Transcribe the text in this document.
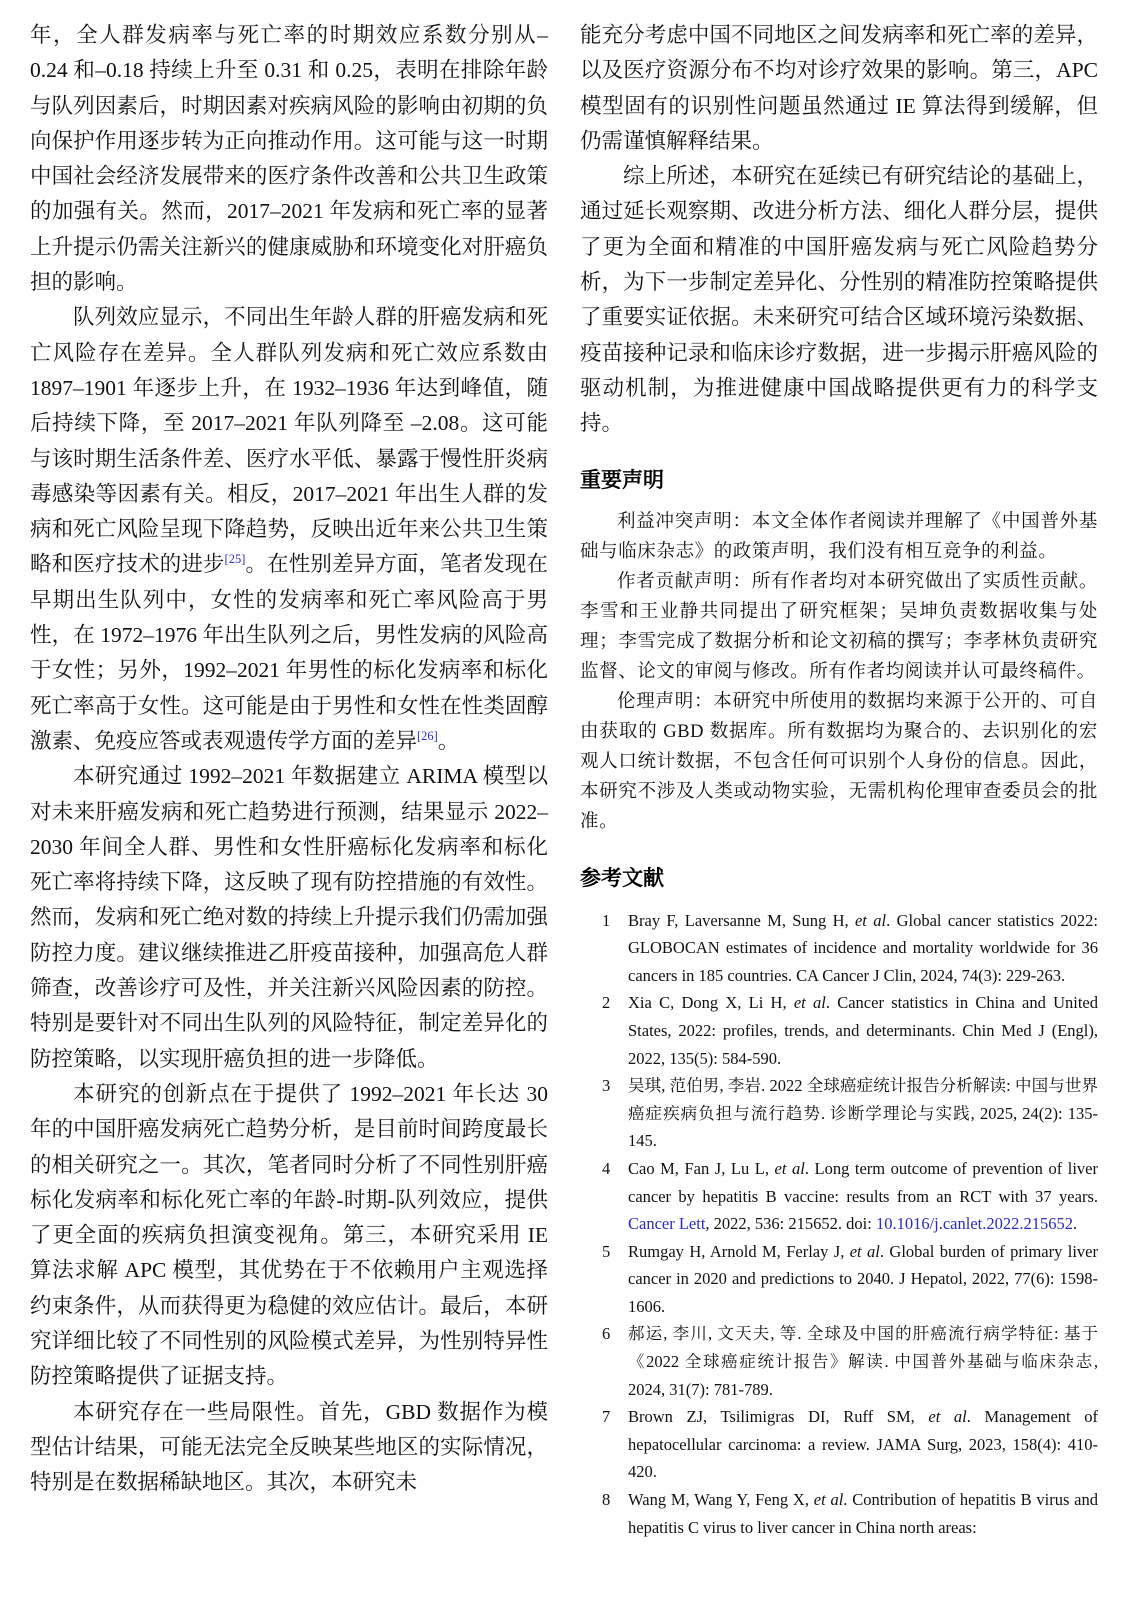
年，全人群发病率与死亡率的时期效应系数分别从–0.24 和–0.18 持续上升至 0.31 和 0.25，表明在排除年龄与队列因素后，时期因素对疾病风险的影响由初期的负向保护作用逐步转为正向推动作用。这可能与这一时期中国社会经济发展带来的医疗条件改善和公共卫生政策的加强有关。然而，2017–2021 年发病和死亡率的显著上升提示仍需关注新兴的健康威胁和环境变化对肝癌负担的影响。

队列效应显示，不同出生年龄人群的肝癌发病和死亡风险存在差异。全人群队列发病和死亡效应系数由 1897–1901 年逐步上升，在 1932–1936 年达到峰值，随后持续下降，至 2017–2021 年队列降至 –2.08。这可能与该时期生活条件差、医疗水平低、暴露于慢性肝炎病毒感染等因素有关。相反，2017–2021 年出生人群的发病和死亡风险呈现下降趋势，反映出近年来公共卫生策略和医疗技术的进步[25]。在性别差异方面，笔者发现在早期出生队列中，女性的发病率和死亡率风险高于男性，在 1972–1976 年出生队列之后，男性发病的风险高于女性；另外，1992–2021 年男性的标化发病率和标化死亡率高于女性。这可能是由于男性和女性在性类固醇激素、免疫应答或表观遗传学方面的差异[26]。

本研究通过 1992–2021 年数据建立 ARIMA 模型以对未来肝癌发病和死亡趋势进行预测，结果显示 2022–2030 年间全人群、男性和女性肝癌标化发病率和标化死亡率将持续下降，这反映了现有防控措施的有效性。然而，发病和死亡绝对数的持续上升提示我们仍需加强防控力度。建议继续推进乙肝疫苗接种，加强高危人群筛查，改善诊疗可及性，并关注新兴风险因素的防控。特别是要针对不同出生队列的风险特征，制定差异化的防控策略，以实现肝癌负担的进一步降低。

本研究的创新点在于提供了 1992–2021 年长达 30 年的中国肝癌发病死亡趋势分析，是目前时间跨度最长的相关研究之一。其次，笔者同时分析了不同性别肝癌标化发病率和标化死亡率的年龄-时期-队列效应，提供了更全面的疾病负担演变视角。第三，本研究采用 IE 算法求解 APC 模型，其优势在于不依赖用户主观选择约束条件，从而获得更为稳健的效应估计。最后，本研究详细比较了不同性别的风险模式差异，为性别特异性防控策略提供了证据支持。

本研究存在一些局限性。首先，GBD 数据作为模型估计结果，可能无法完全反映某些地区的实际情况，特别是在数据稀缺地区。其次，本研究未

能充分考虑中国不同地区之间发病率和死亡率的差异，以及医疗资源分布不均对诊疗效果的影响。第三，APC 模型固有的识别性问题虽然通过 IE 算法得到缓解，但仍需谨慎解释结果。

综上所述，本研究在延续已有研究结论的基础上，通过延长观察期、改进分析方法、细化人群分层，提供了更为全面和精准的中国肝癌发病与死亡风险趋势分析，为下一步制定差异化、分性别的精准防控策略提供了重要实证依据。未来研究可结合区域环境污染数据、疫苗接种记录和临床诊疗数据，进一步揭示肝癌风险的驱动机制，为推进健康中国战略提供更有力的科学支持。

重要声明

利益冲突声明：本文全体作者阅读并理解了《中国普外基础与临床杂志》的政策声明，我们没有相互竞争的利益。

作者贡献声明：所有作者均对本研究做出了实质性贡献。李雪和王业静共同提出了研究框架；吴坤负责数据收集与处理；李雪完成了数据分析和论文初稿的撰写；李孝林负责研究监督、论文的审阅与修改。所有作者均阅读并认可最终稿件。

伦理声明：本研究中所使用的数据均来源于公开的、可自由获取的 GBD 数据库。所有数据均为聚合的、去识别化的宏观人口统计数据，不包含任何可识别个人身份的信息。因此，本研究不涉及人类或动物实验，无需机构伦理审查委员会的批准。

参考文献
1 Bray F, Laversanne M, Sung H, et al. Global cancer statistics 2022: GLOBOCAN estimates of incidence and mortality worldwide for 36 cancers in 185 countries. CA Cancer J Clin, 2024, 74(3): 229-263.
2 Xia C, Dong X, Li H, et al. Cancer statistics in China and United States, 2022: profiles, trends, and determinants. Chin Med J (Engl), 2022, 135(5): 584-590.
3 吴琪, 范伯男, 李岩. 2022 全球癌症统计报告分析解读: 中国与世界癌症疾病负担与流行趋势. 诊断学理论与实践, 2025, 24(2): 135-145.
4 Cao M, Fan J, Lu L, et al. Long term outcome of prevention of liver cancer by hepatitis B vaccine: results from an RCT with 37 years. Cancer Lett, 2022, 536: 215652. doi: 10.1016/j.canlet.2022.215652.
5 Rumgay H, Arnold M, Ferlay J, et al. Global burden of primary liver cancer in 2020 and predictions to 2040. J Hepatol, 2022, 77(6): 1598-1606.
6 郝运, 李川, 文天夫, 等. 全球及中国的肝癌流行病学特征: 基于《2022 全球癌症统计报告》解读. 中国普外基础与临床杂志, 2024, 31(7): 781-789.
7 Brown ZJ, Tsilimigras DI, Ruff SM, et al. Management of hepatocellular carcinoma: a review. JAMA Surg, 2023, 158(4): 410-420.
8 Wang M, Wang Y, Feng X, et al. Contribution of hepatitis B virus and hepatitis C virus to liver cancer in China north areas:
